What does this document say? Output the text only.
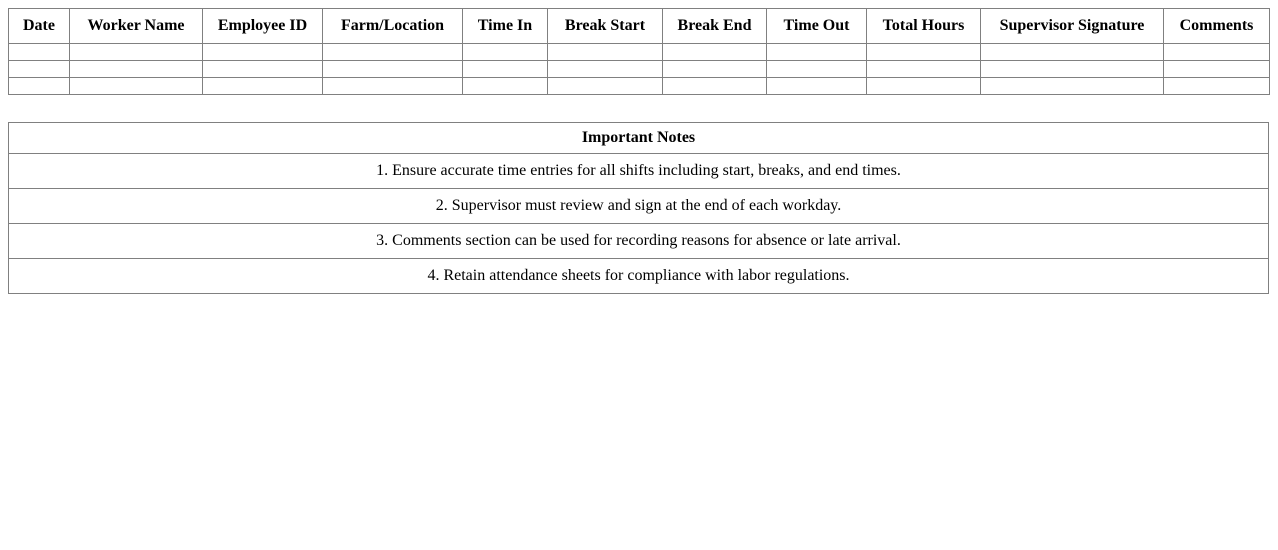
Date	Worker Name	Employee ID	Farm/Location	Time In	Break Start	Break End	Time Out	Total Hours	Supervisor Signature	Comments

Important Notes
1. Ensure accurate time entries for all shifts including start, breaks, and end times.
2. Supervisor must review and sign at the end of each workday.
3. Comments section can be used for recording reasons for absence or late arrival.
4. Retain attendance sheets for compliance with labor regulations.
